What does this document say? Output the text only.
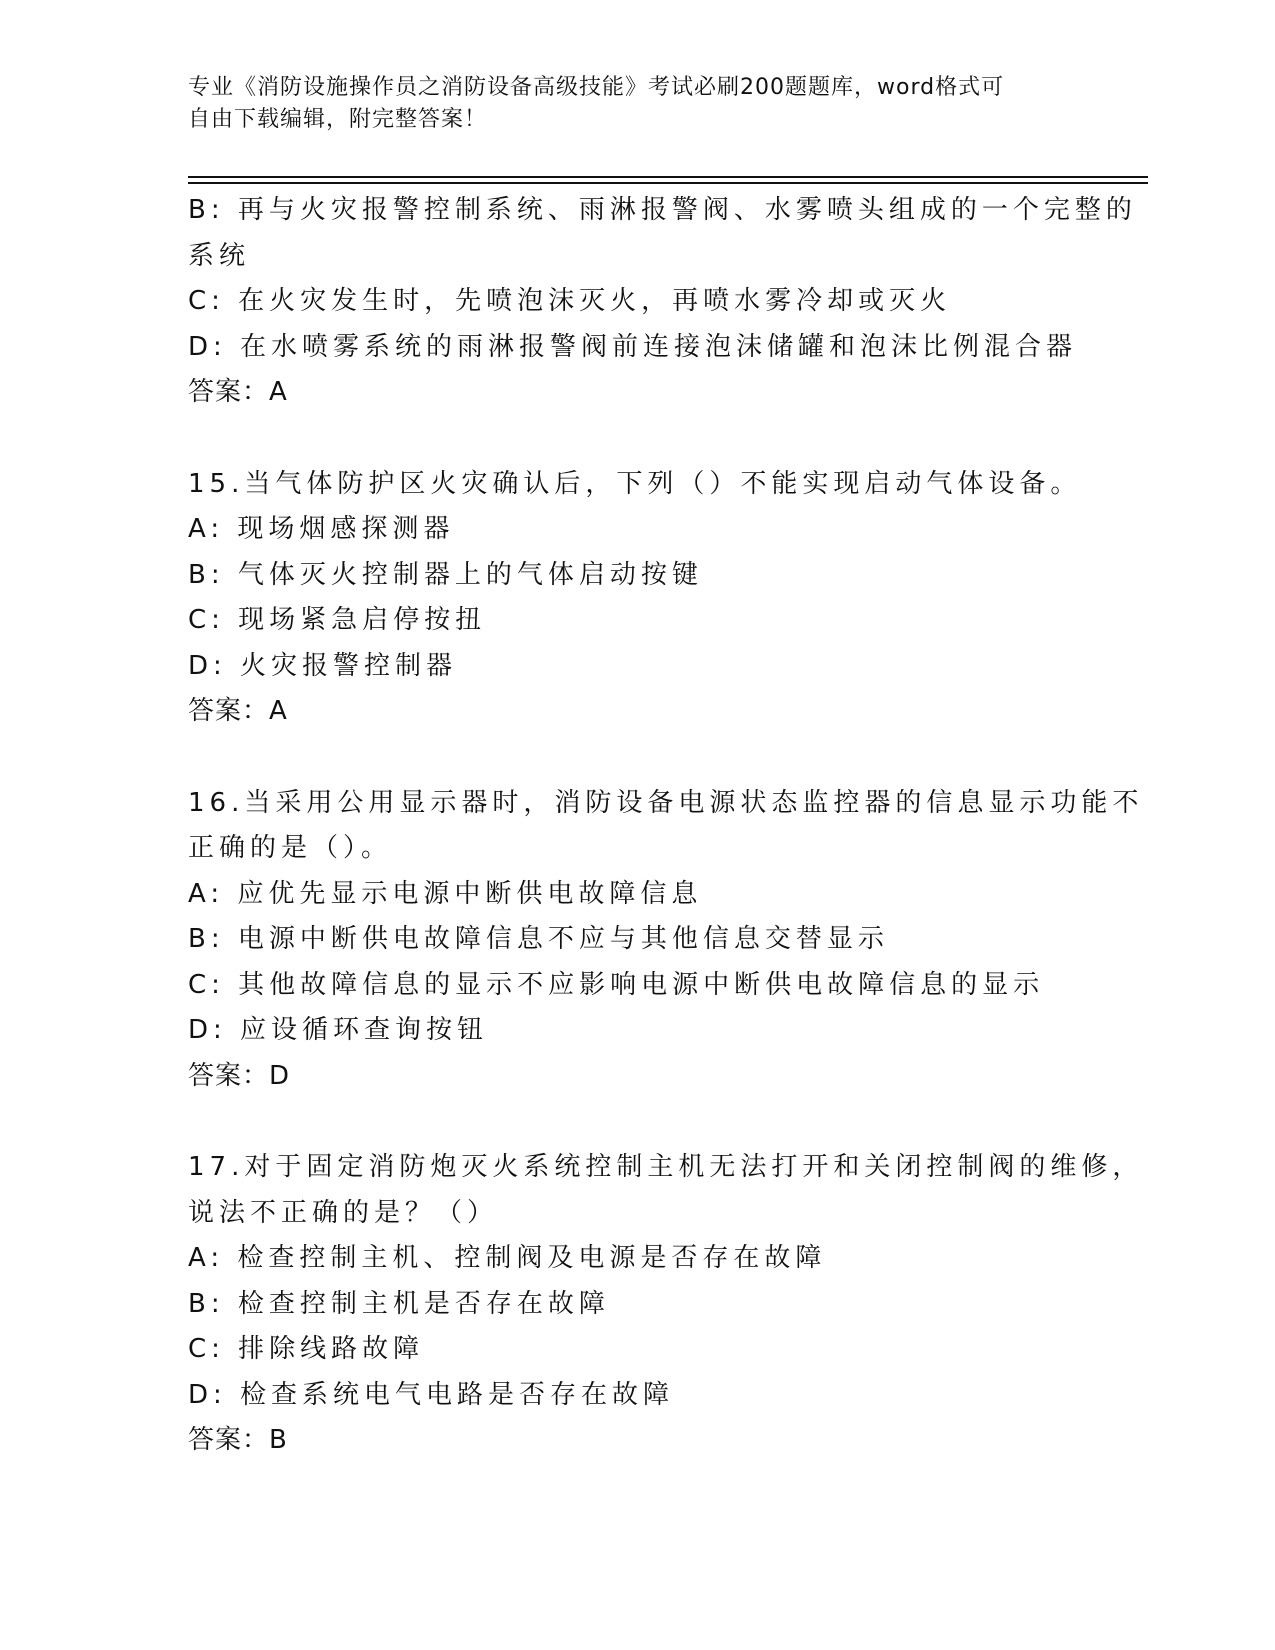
专业《消防设施操作员之消防设备高级技能》考试必刷200题题库，word格式可
自由下载编辑，附完整答案！
B: 再与火灾报警控制系统、雨淋报警阀、水雾喷头组成的一个完整的
系统
C: 在火灾发生时，先喷泡沫灭火，再喷水雾冷却或灭火
D: 在水喷雾系统的雨淋报警阀前连接泡沫储罐和泡沫比例混合器
答案：A
15.当气体防护区火灾确认后，下列（）不能实现启动气体设备。
A: 现场烟感探测器
B: 气体灭火控制器上的气体启动按键
C: 现场紧急启停按扭
D: 火灾报警控制器
答案：A
16.当采用公用显示器时，消防设备电源状态监控器的信息显示功能不
正确的是（）。
A: 应优先显示电源中断供电故障信息
B: 电源中断供电故障信息不应与其他信息交替显示
C: 其他故障信息的显示不应影响电源中断供电故障信息的显示
D: 应设循环查询按钮
答案：D
17.对于固定消防炮灭火系统控制主机无法打开和关闭控制阀的维修，
说法不正确的是？（）
A: 检查控制主机、控制阀及电源是否存在故障
B: 检查控制主机是否存在故障
C: 排除线路故障
D: 检查系统电气电路是否存在故障
答案：B
